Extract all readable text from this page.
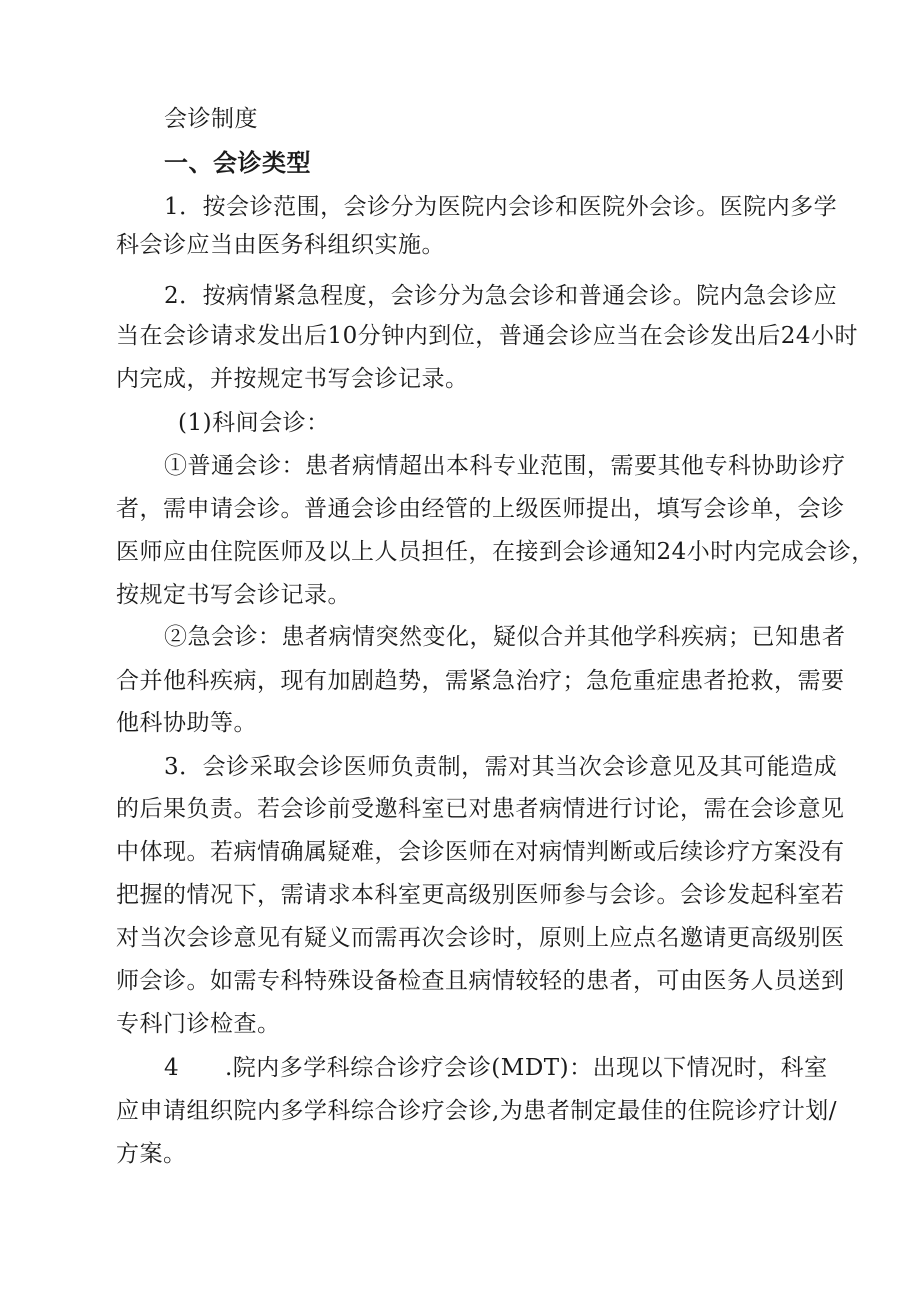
会诊制度
一、会诊类型
1．按会诊范围，会诊分为医院内会诊和医院外会诊。医院内多学
科会诊应当由医务科组织实施。
2．按病情紧急程度，会诊分为急会诊和普通会诊。院内急会诊应
当在会诊请求发出后10分钟内到位，普通会诊应当在会诊发出后24小时
内完成，并按规定书写会诊记录。
(1)科间会诊：
①普通会诊：患者病情超出本科专业范围，需要其他专科协助诊疗
者，需申请会诊。普通会诊由经管的上级医师提出，填写会诊单，会诊
医师应由住院医师及以上人员担任，在接到会诊通知24小时内完成会诊，
按规定书写会诊记录。
②急会诊：患者病情突然变化，疑似合并其他学科疾病；已知患者
合并他科疾病，现有加剧趋势，需紧急治疗；急危重症患者抢救，需要
他科协助等。
3．会诊采取会诊医师负责制，需对其当次会诊意见及其可能造成
的后果负责。若会诊前受邀科室已对患者病情进行讨论，需在会诊意见
中体现。若病情确属疑难，会诊医师在对病情判断或后续诊疗方案没有
把握的情况下，需请求本科室更高级别医师参与会诊。会诊发起科室若
对当次会诊意见有疑义而需再次会诊时，原则上应点名邀请更高级别医
师会诊。如需专科特殊设备检查且病情较轻的患者，可由医务人员送到
专科门诊检查。
4 .院内多学科综合诊疗会诊(MDT)：出现以下情况时，科室
应申请组织院内多学科综合诊疗会诊,为患者制定最佳的住院诊疗计划/
方案。
